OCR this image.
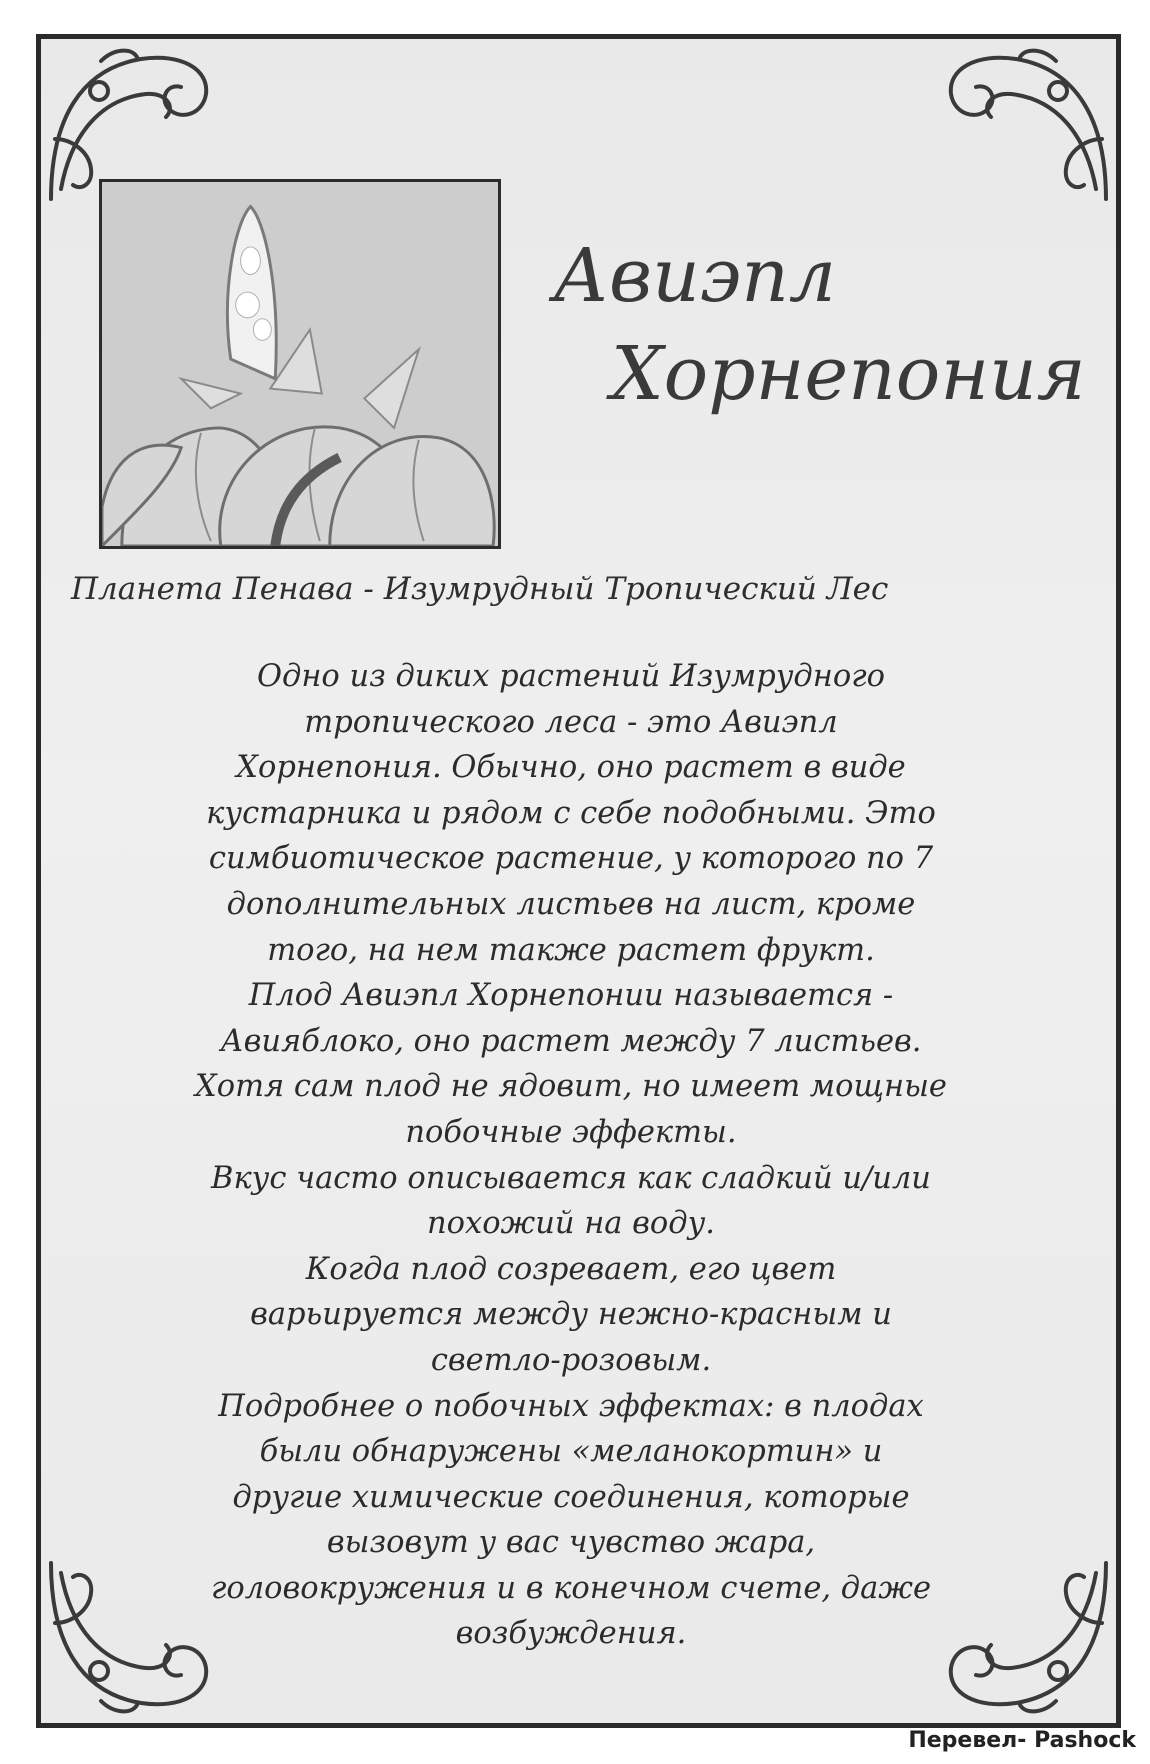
Авиэпл
Хорнепония

Планета Пенава - Изумрудный Тропический Лес

Одно из диких растений Изумрудного
тропического леса - это Авиэпл
Хорнепония. Обычно, оно растет в виде
кустарника и рядом с себе подобными. Это
симбиотическое растение, у которого по 7
дополнительных листьев на лист, кроме
того, на нем также растет фрукт.
Плод Авиэпл Хорнепонии называется -
Авияблоко, оно растет между 7 листьев.
Хотя сам плод не ядовит, но имеет мощные
побочные эффекты.
Вкус часто описывается как сладкий и/или
похожий на воду.
Когда плод созревает, его цвет
варьируется между нежно-красным и
светло-розовым.
Подробнее о побочных эффектах: в плодах
были обнаружены «меланокортин» и
другие химические соединения, которые
вызовут у вас чувство жара,
головокружения и в конечном счете, даже
возбуждения.

Перевел- Pashock
